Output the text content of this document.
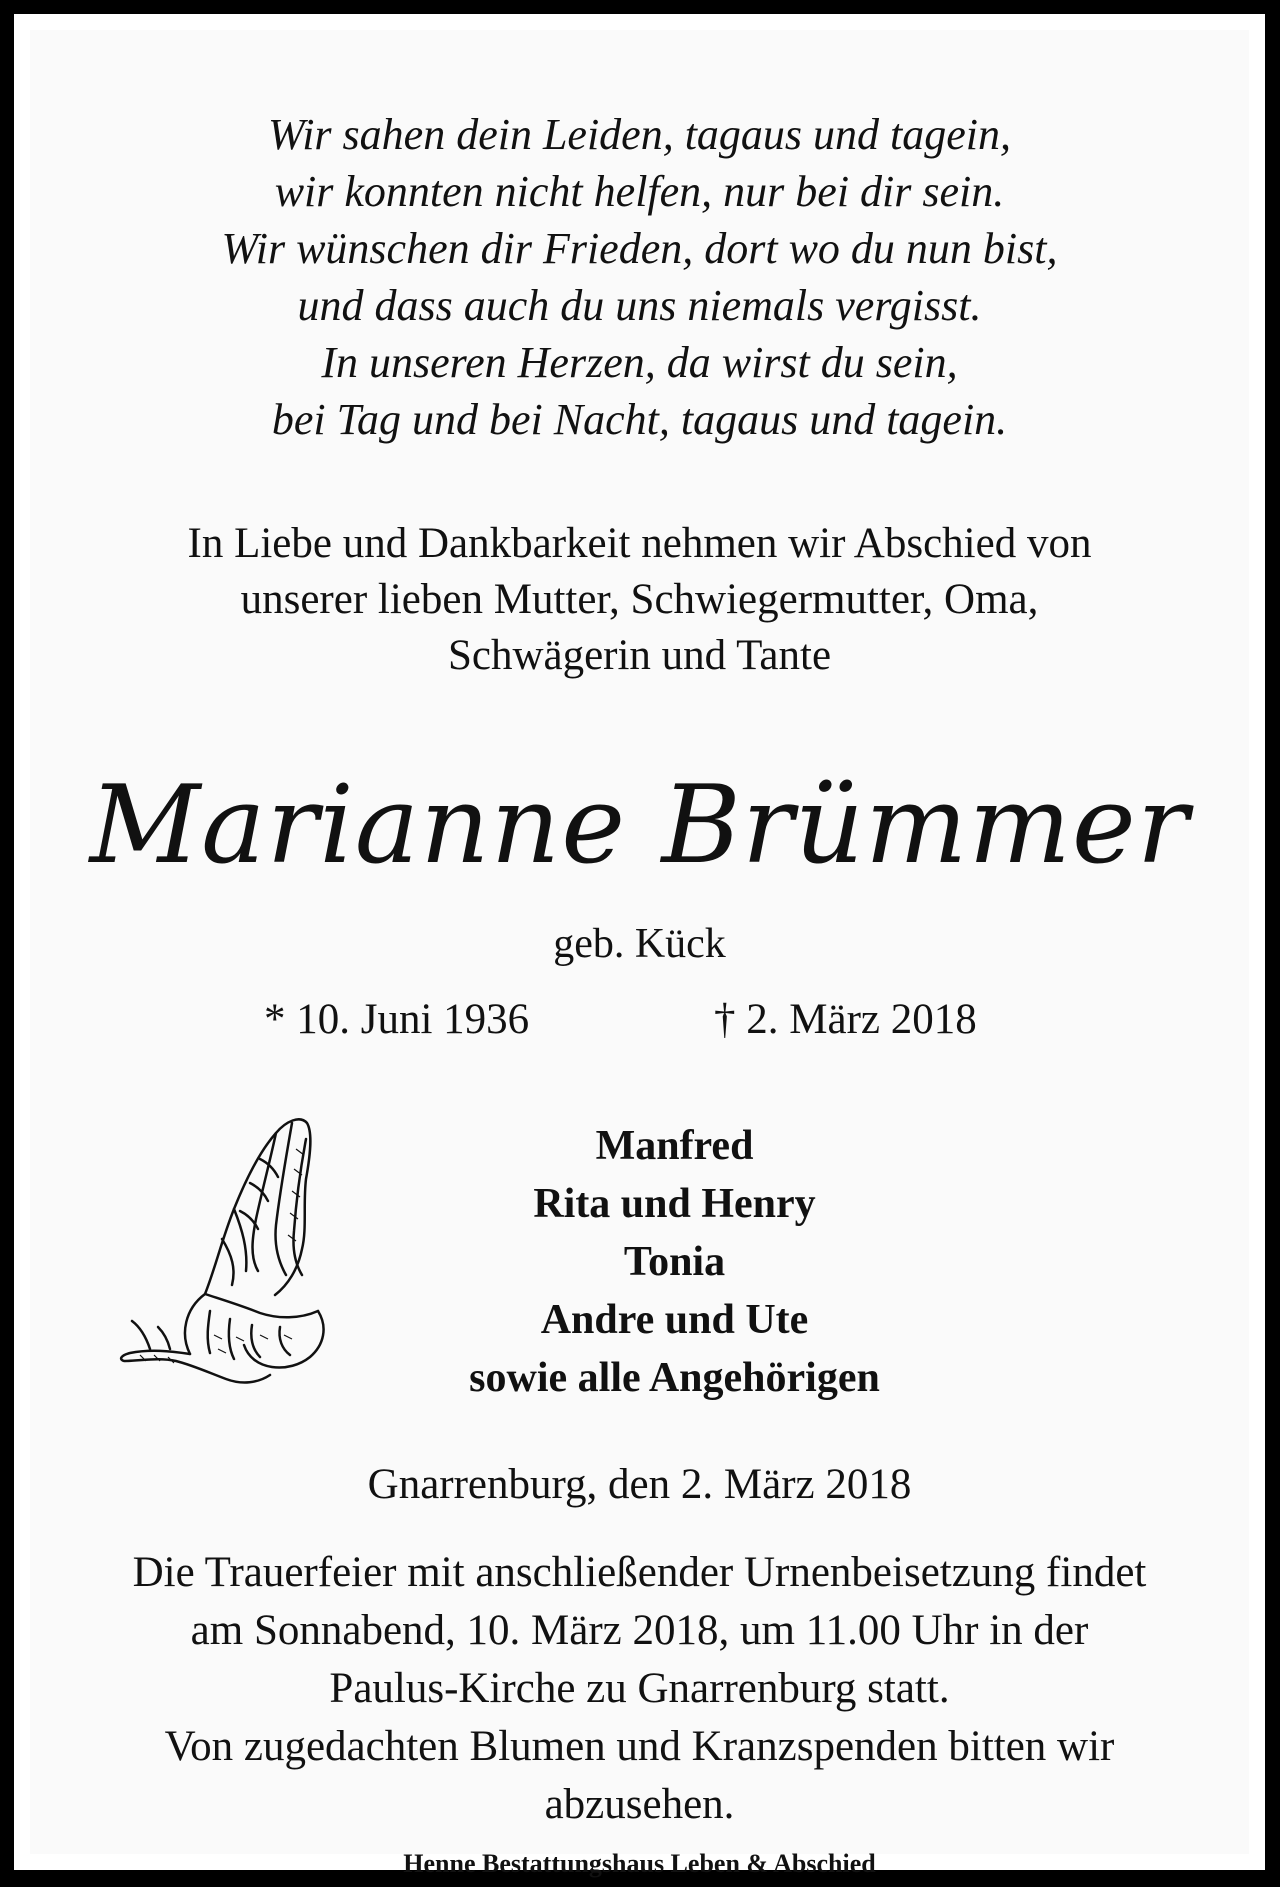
Wir sahen dein Leiden, tagaus und tagein,
wir konnten nicht helfen, nur bei dir sein.
Wir wünschen dir Frieden, dort wo du nun bist,
und dass auch du uns niemals vergisst.
In unseren Herzen, da wirst du sein,
bei Tag und bei Nacht, tagaus und tagein.
In Liebe und Dankbarkeit nehmen wir Abschied von
unserer lieben Mutter, Schwiegermutter, Oma,
Schwägerin und Tante
Marianne Brümmer
geb. Kück
* 10. Juni 1936	† 2. März 2018
Manfred
Rita und Henry
Tonia
Andre und Ute
sowie alle Angehörigen
Gnarrenburg, den 2. März 2018
Die Trauerfeier mit anschließender Urnenbeisetzung findet
am Sonnabend, 10. März 2018, um 11.00 Uhr in der
Paulus-Kirche zu Gnarrenburg statt.
Von zugedachten Blumen und Kranzspenden bitten wir
abzusehen.
Henne Bestattungshaus Leben & Abschied
